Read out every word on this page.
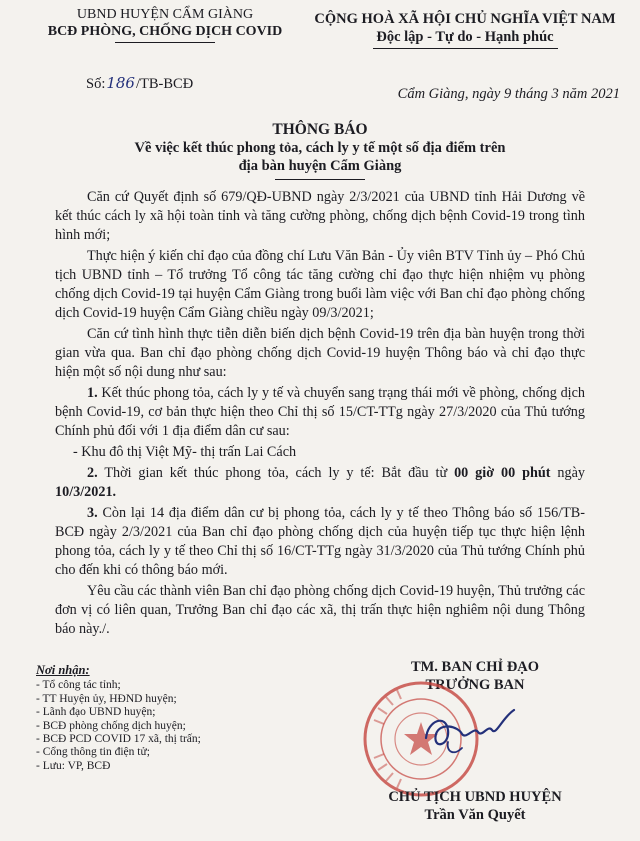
UBND HUYỆN CẨM GIÀNG
BCĐ PHÒNG, CHỐNG DỊCH COVID
CỘNG HOÀ XÃ HỘI CHỦ NGHĨA VIỆT NAM
Độc lập - Tự do - Hạnh phúc
Số:186/TB-BCĐ
Cẩm Giàng, ngày 9 tháng 3 năm 2021
THÔNG BÁO
Về việc kết thúc phong tỏa, cách ly y tế một số địa điểm trên
địa bàn huyện Cẩm Giàng

Căn cứ Quyết định số 679/QĐ-UBND ngày 2/3/2021 của UBND tỉnh Hải Dương về kết thúc cách ly xã hội toàn tỉnh và tăng cường phòng, chống dịch bệnh Covid-19 trong tình hình mới;

Thực hiện ý kiến chỉ đạo của đồng chí Lưu Văn Bản - Ủy viên BTV Tỉnh ủy – Phó Chủ tịch UBND tỉnh – Tổ trưởng Tổ công tác tăng cường chỉ đạo thực hiện nhiệm vụ phòng chống dịch Covid-19 tại huyện Cẩm Giàng trong buổi làm việc với Ban chỉ đạo phòng chống dịch Covid-19 huyện Cẩm Giàng chiều ngày 09/3/2021;

Căn cứ tình hình thực tiễn diễn biến dịch bệnh Covid-19 trên địa bàn huyện trong thời gian vừa qua. Ban chỉ đạo phòng chống dịch Covid-19 huyện Thông báo và chỉ đạo thực hiện một số nội dung như sau:

1. Kết thúc phong tỏa, cách ly y tế và chuyển sang trạng thái mới về phòng, chống dịch bệnh Covid-19, cơ bản thực hiện theo Chỉ thị số 15/CT-TTg ngày 27/3/2020 của Thủ tướng Chính phủ đối với 1 địa điểm dân cư sau:

- Khu đô thị Việt Mỹ- thị trấn Lai Cách

2. Thời gian kết thúc phong tỏa, cách ly y tế: Bắt đầu từ 00 giờ 00 phút ngày 10/3/2021.

3. Còn lại 14 địa điểm dân cư bị phong tỏa, cách ly y tế theo Thông báo số 156/TB-BCĐ ngày 2/3/2021 của Ban chỉ đạo phòng chống dịch của huyện tiếp tục thực hiện lệnh phong tỏa, cách ly y tế theo Chỉ thị số 16/CT-TTg ngày 31/3/2020 của Thủ tướng Chính phủ cho đến khi có thông báo mới.

Yêu cầu các thành viên Ban chỉ đạo phòng chống dịch Covid-19 huyện, Thủ trưởng các đơn vị có liên quan, Trưởng Ban chỉ đạo các xã, thị trấn thực hiện nghiêm nội dung Thông báo này./.

Nơi nhận:
- Tổ công tác tỉnh;
- TT Huyện ủy, HĐND huyện;
- Lãnh đạo UBND huyện;
- BCĐ phòng chống dịch huyện;
- BCĐ PCD COVID 17 xã, thị trấn;
- Cổng thông tin điện tử;
- Lưu: VP, BCĐ
TM. BAN CHỈ ĐẠO
TRƯỞNG BAN
CHỦ TỊCH UBND HUYỆN
Trần Văn Quyết
